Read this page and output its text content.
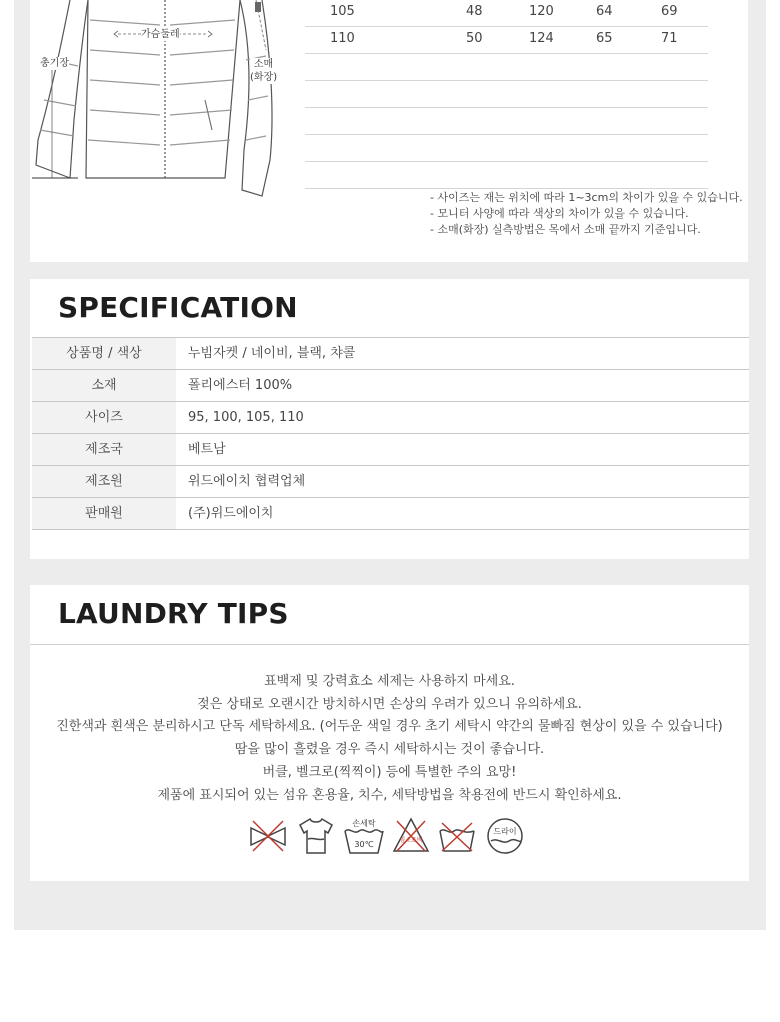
가슴둘레
총기장	소매
(화장)
105	48	120	64	69
110	50	124	65	71
- 사이즈는 재는 위치에 따라 1~3cm의 차이가 있을 수 있습니다.
- 모니터 사양에 따라 색상의 차이가 있을 수 있습니다.
- 소매(화장) 실측방법은 목에서 소매 끝까지 기준입니다.
SPECIFICATION
상품명 / 색상	누빔자켓 / 네이비, 블랙, 챠콜
소재	폴리에스터 100%
사이즈	95, 100, 105, 110
제조국	베트남
제조원	위드에이치 협력업체
판매원	(주)위드에이치
LAUNDRY TIPS
표백제 및 강력효소 세제는 사용하지 마세요.
젖은 상태로 오랜시간 방치하시면 손상의 우려가 있으니 유의하세요.
진한색과 흰색은 분리하시고 단독 세탁하세요. (어두운 색일 경우 초기 세탁시 약간의 물빠짐 현상이 있을 수 있습니다)
땀을 많이 흘렸을 경우 즉시 세탁하시는 것이 좋습니다.
버클, 벨크로(찍찍이) 등에 특별한 주의 요망!
제품에 표시되어 있는 섬유 혼용율, 치수, 세탁방법을 착용전에 반드시 확인하세요.
손세탁
30℃	염소표백
드라이
